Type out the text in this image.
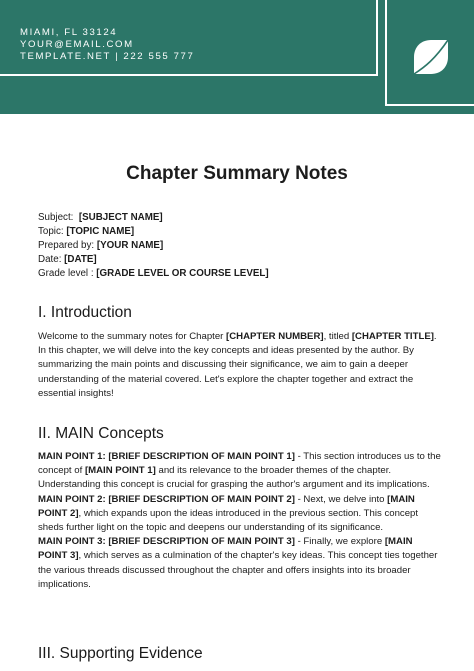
MIAMI, FL 33124
YOUR@EMAIL.COM
TEMPLATE.NET | 222 555 777
Chapter Summary Notes
Subject: [SUBJECT NAME]
Topic: [TOPIC NAME]
Prepared by: [YOUR NAME]
Date: [DATE]
Grade level : [GRADE LEVEL OR COURSE LEVEL]
I. Introduction
Welcome to the summary notes for Chapter [CHAPTER NUMBER], titled [CHAPTER TITLE]. In this chapter, we will delve into the key concepts and ideas presented by the author. By summarizing the main points and discussing their significance, we aim to gain a deeper understanding of the material covered. Let's explore the chapter together and extract the essential insights!
II. MAIN Concepts
MAIN POINT 1: [BRIEF DESCRIPTION OF MAIN POINT 1] - This section introduces us to the concept of [MAIN POINT 1] and its relevance to the broader themes of the chapter. Understanding this concept is crucial for grasping the author's argument and its implications.
MAIN POINT 2: [BRIEF DESCRIPTION OF MAIN POINT 2] - Next, we delve into [MAIN POINT 2], which expands upon the ideas introduced in the previous section. This concept sheds further light on the topic and deepens our understanding of its significance.
MAIN POINT 3: [BRIEF DESCRIPTION OF MAIN POINT 3] - Finally, we explore [MAIN POINT 3], which serves as a culmination of the chapter's key ideas. This concept ties together the various threads discussed throughout the chapter and offers insights into its broader implications.
III. Supporting Evidence
